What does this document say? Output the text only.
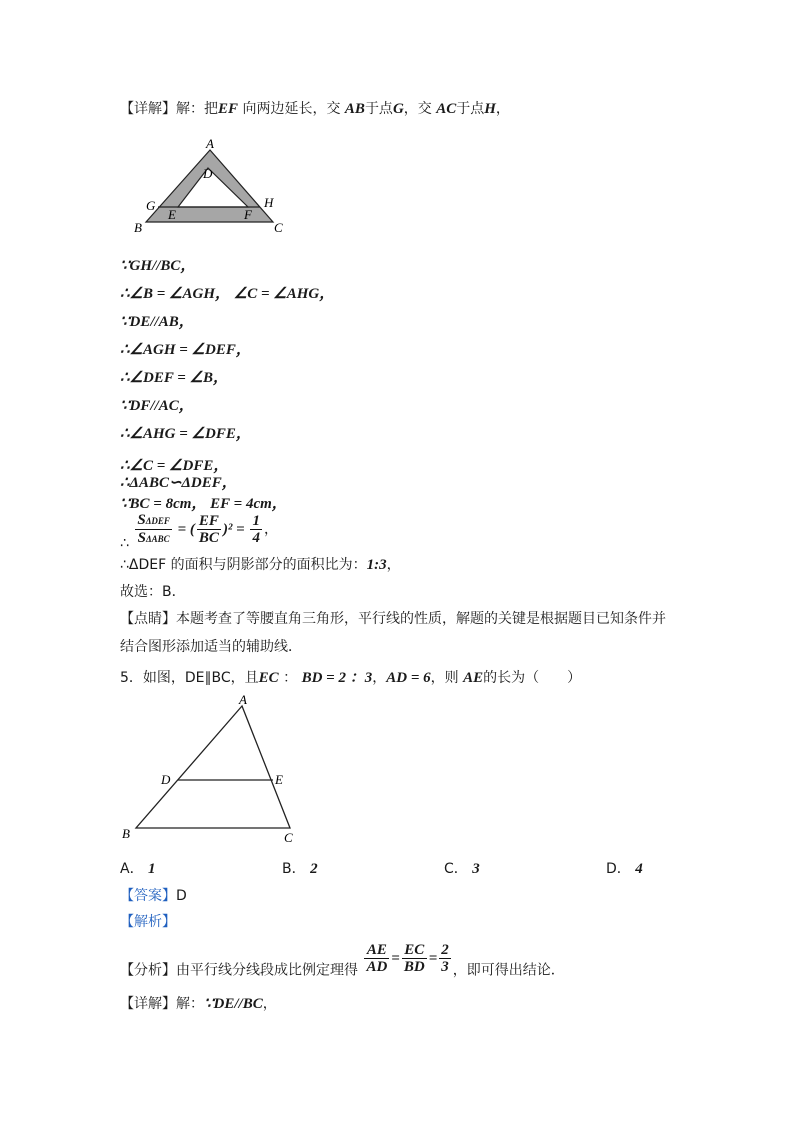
【详解】解：把EF 向两边延长，交 AB于点G，交 AC于点H，
A
D
G	H
E	F
B	C
∵GH//BC，
∴∠B = ∠AGH， ∠C = ∠AHG，
∵DE//AB，
∴∠AGH = ∠DEF，
∴∠DEF = ∠B，
∵DF//AC，
∴∠AHG = ∠DFE，
∴∠C = ∠DFE，
∴ΔABC∽ΔDEF，
∵BC = 8cm， EF = 4cm，
∴ $\frac{\text{SΔDEF}}{\text{SΔABC}}$ = ( $\frac{EF}{BC} )^2 = \frac{1}{4}$ ，
∴ΔDEF 的面积与阴影部分的面积比为：1:3，
故选：B．
【点睛】本题考查了等腰直角三角形，平行线的性质，解题的关键是根据题目已知条件并
结合图形添加适当的辅助线．
5．如图，DE∥BC，且EC ： BD = 2 ：3，AD = 6，则 AE的长为（　　）
A
D	E
B	C
A． 1	B． 2	C． 3	D． 4
【答案】D
【解析】
【分析】由平行线分线段成比例定理得 $\frac{AE}{AD} = \frac{EC}{BD} = \frac{2}{3}$ ，即可得出结论．
【详解】解：∵DE//BC，
